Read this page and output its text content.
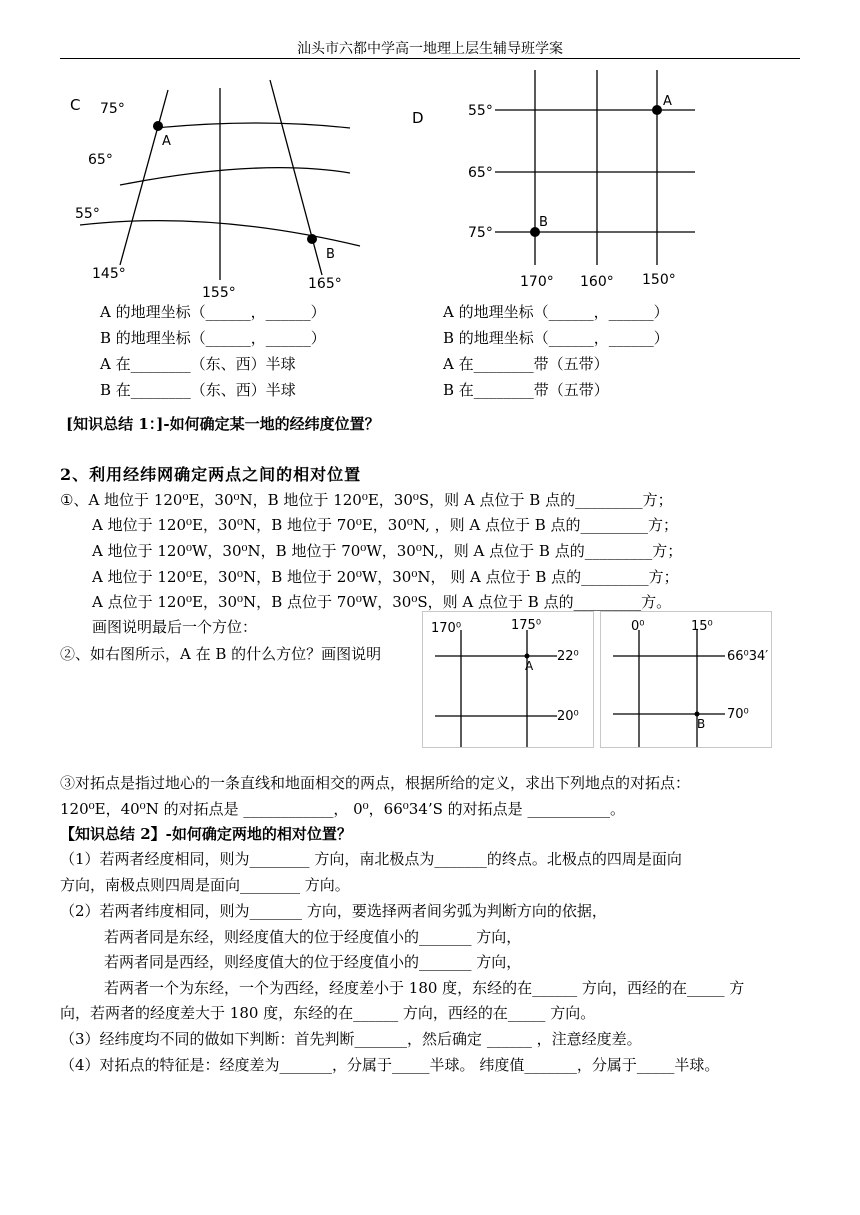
汕头市六都中学高一地理上层生辅导班学案
C
A
B
75°
65°
55°
145°
155°
165°
D
A
B
55°
65°
75°
170° 160° 150°
A 的地理坐标（______，______）
B 的地理坐标（______，______）
A 在________（东、西）半球
B 在________（东、西）半球
A 的地理坐标（______，______）
B 的地理坐标（______，______）
A 在________带（五带）
B 在________带（五带）
[知识总结 1：]-如何确定某一地的经纬度位置？
2、利用经纬网确定两点之间的相对位置
①、A 地位于 120⁰E，30⁰N，B 地位于 120⁰E，30⁰S，则 A 点位于 B 点的_________方；
A 地位于 120⁰E，30⁰N，B 地位于 70⁰E，30⁰N, ，则 A 点位于 B 点的_________方；
A 地位于 120⁰W，30⁰N，B 地位于 70⁰W，30⁰N,，则 A 点位于 B 点的_________方；
A 地位于 120⁰E，30⁰N，B 地位于 20⁰W，30⁰N， 则 A 点位于 B 点的_________方；
A 点位于 120⁰E，30⁰N，B 点位于 70⁰W，30⁰S，则 A 点位于 B 点的_________方。
画图说明最后一个方位：
②、如右图所示，A 在 B 的什么方位？画图说明
170⁰	175⁰
22⁰
20⁰
A
0⁰	15⁰
66⁰34′
70⁰
B
③对拓点是指过地心的一条直线和地面相交的两点，根据所给的定义，求出下列地点的对拓点：
120⁰E，40⁰N 的对拓点是 ____________， 0⁰，66⁰34’S 的对拓点是 ___________。
【知识总结 2】-如何确定两地的相对位置？
（1）若两者经度相同，则为________ 方向，南北极点为_______的终点。北极点的四周是面向
方向，南极点则四周是面向________ 方向。
（2）若两者纬度相同，则为_______ 方向，要选择两者间劣弧为判断方向的依据，
若两者同是东经，则经度值大的位于经度值小的_______ 方向，
若两者同是西经，则经度值大的位于经度值小的_______ 方向，
若两者一个为东经，一个为西经，经度差小于 180 度，东经的在______ 方向，西经的在_____ 方
向，若两者的经度差大于 180 度，东经的在______ 方向，西经的在_____ 方向。
（3）经纬度均不同的做如下判断：首先判断_______，然后确定 ______ ，注意经度差。
（4）对拓点的特征是：经度差为_______，分属于_____半球。 纬度值_______，分属于_____半球。
